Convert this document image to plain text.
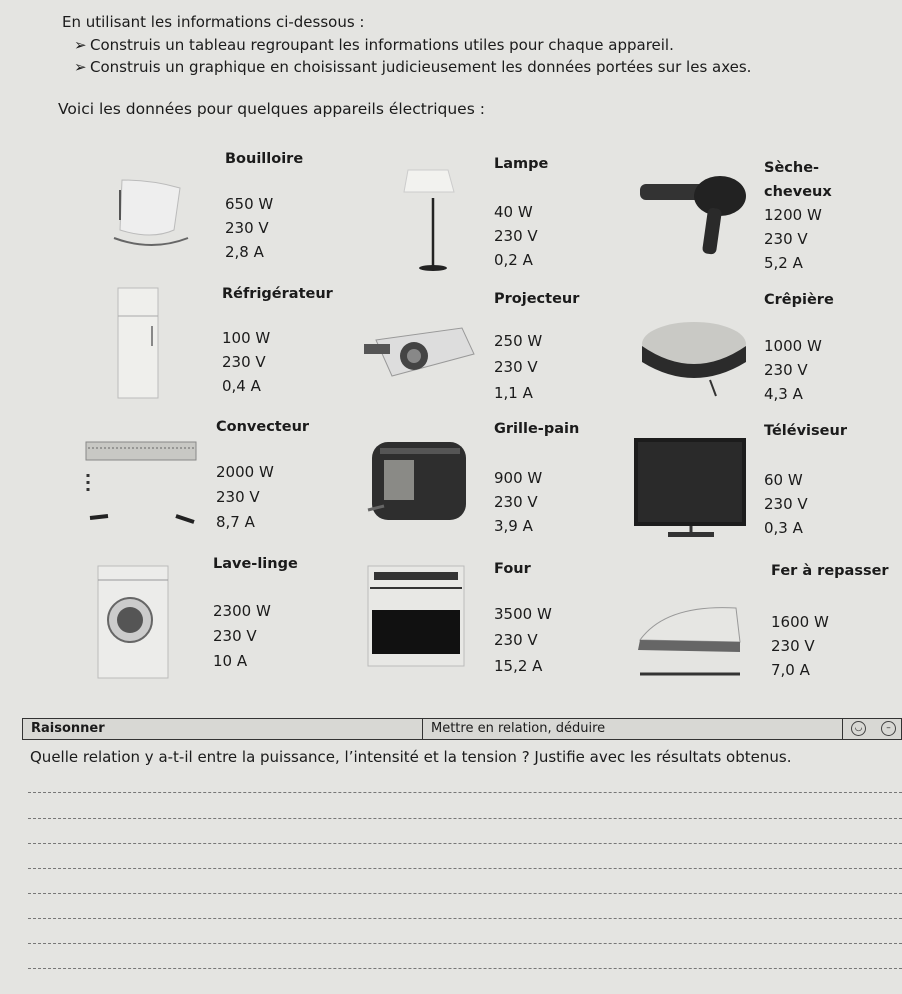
En utilisant les informations ci-dessous :
➢ Construis un tableau regroupant les informations utiles pour chaque appareil.
➢ Construis un graphique en choisissant judicieusement les données portées sur les axes.
Voici les données pour quelques appareils électriques :
Bouilloire
650 W
230 V
2,8 A
Lampe
40 W
230 V
0,2 A
Sèche-
cheveux
1200 W
230 V
5,2 A
Réfrigérateur
100 W
230 V
0,4 A
Projecteur
250 W
230 V
1,1 A
Crêpière
1000 W
230 V
4,3 A
Convecteur
2000 W
230 V
8,7 A
Grille-pain
900 W
230 V
3,9 A
Téléviseur
60 W
230 V
0,3 A
Lave-linge
2300 W
230 V
10 A
Four
3500 W
230 V
15,2 A
Fer à repasser
1600 W
230 V
7,0 A
Raisonner	Mettre en relation, déduire	◡	–
Quelle relation y a-t-il entre la puissance, l’intensité et la tension ? Justifie avec les résultats obtenus.
